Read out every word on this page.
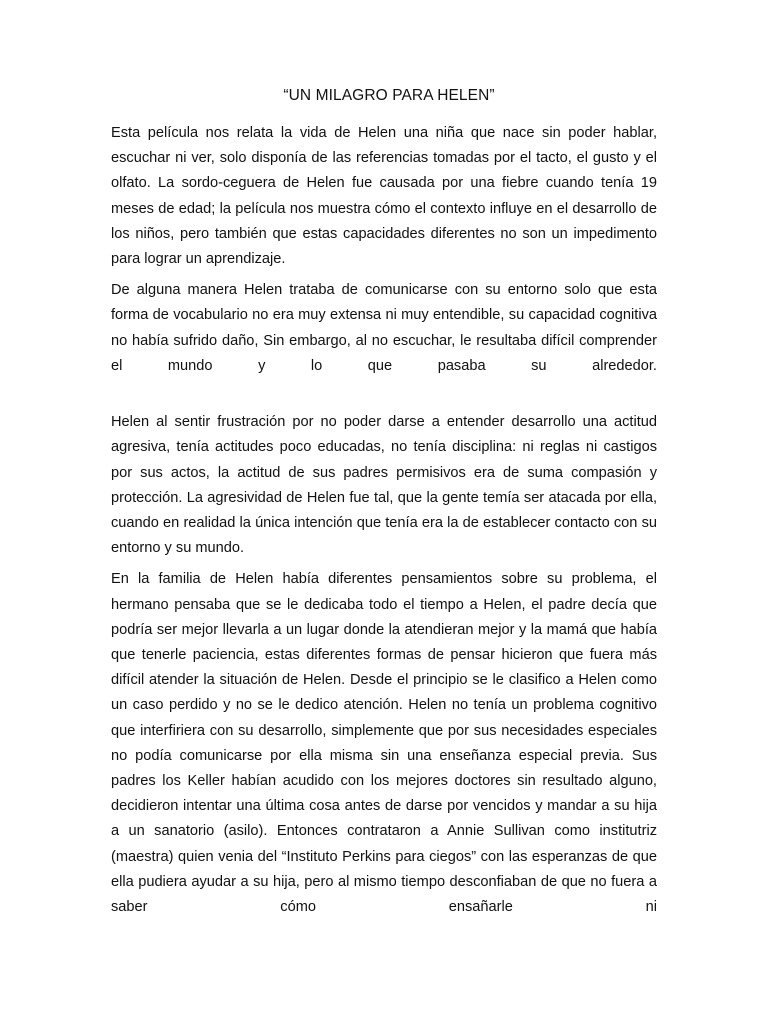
“UN MILAGRO PARA HELEN”

Esta película nos relata la vida de Helen una niña que nace sin poder hablar, escuchar ni ver, solo disponía de las referencias tomadas por el tacto, el gusto y el olfato. La sordo-ceguera de Helen fue causada por una fiebre cuando tenía 19 meses de edad; la película nos muestra cómo el contexto influye en el desarrollo de los niños, pero también que estas capacidades diferentes no son un impedimento para lograr un aprendizaje.

De alguna manera Helen trataba de comunicarse con su entorno solo que esta forma de vocabulario no era muy extensa ni muy entendible, su capacidad cognitiva no había sufrido daño, Sin embargo, al no escuchar, le resultaba difícil comprender el mundo y lo que pasaba su alrededor.

Helen al sentir frustración por no poder darse a entender desarrollo una actitud agresiva, tenía actitudes poco educadas, no tenía disciplina: ni reglas ni castigos por sus actos, la actitud de sus padres permisivos era de suma compasión y protección. La agresividad de Helen fue tal, que la gente temía ser atacada por ella, cuando en realidad la única intención que tenía era la de establecer contacto con su entorno y su mundo.

En la familia de Helen había diferentes pensamientos sobre su problema, el hermano pensaba que se le dedicaba todo el tiempo a Helen, el padre decía que podría ser mejor llevarla a un lugar donde la atendieran mejor y la mamá que había que tenerle paciencia, estas diferentes formas de pensar hicieron que fuera más difícil atender la situación de Helen. Desde el principio se le clasifico a Helen como un caso perdido y no se le dedico atención. Helen no tenía un problema cognitivo que interfiriera con su desarrollo, simplemente que por sus necesidades especiales no podía comunicarse por ella misma sin una enseñanza especial previa. Sus padres los Keller habían acudido con los mejores doctores sin resultado alguno, decidieron intentar una última cosa antes de darse por vencidos y mandar a su hija a un sanatorio (asilo). Entonces contrataron a Annie Sullivan como institutriz (maestra) quien venia del “Instituto Perkins para ciegos” con las esperanzas de que ella pudiera ayudar a su hija, pero al mismo tiempo desconfiaban de que no fuera a saber cómo ensañarle ni
